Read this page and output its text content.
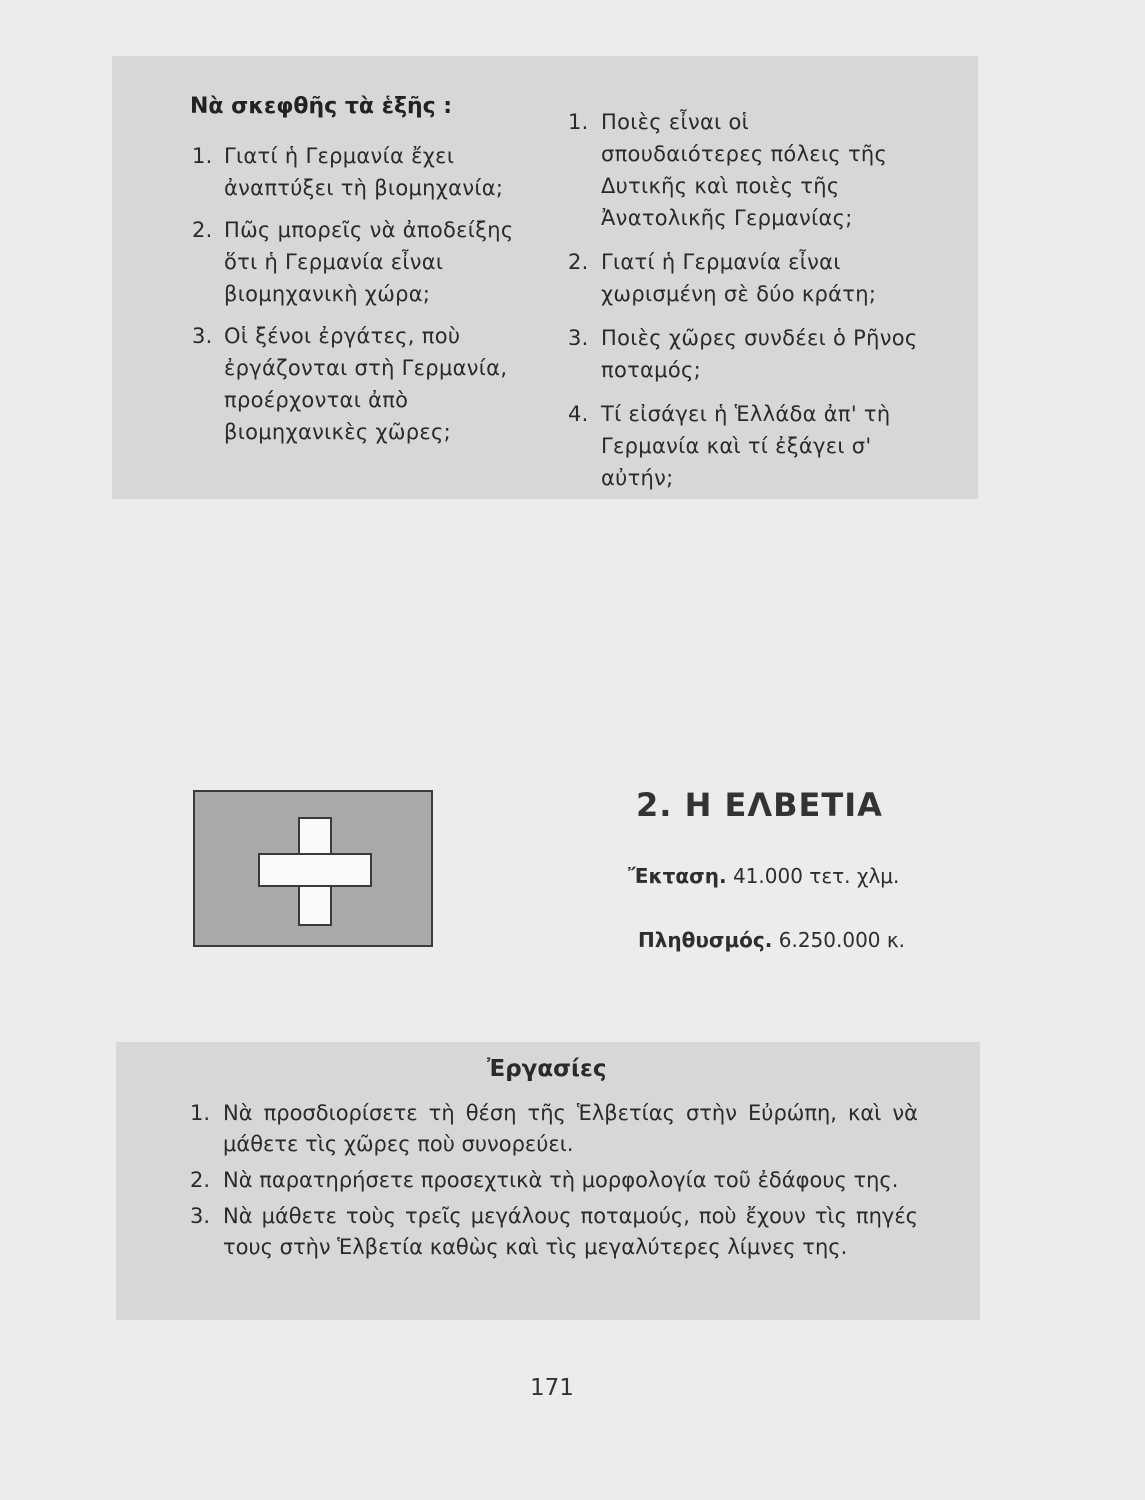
Νὰ σκεφθῆς τὰ ἑξῆς :
1. Γιατί ἡ Γερμανία ἔχει ἀναπτύξει τὴ βιομηχανία;
2. Πῶς μπορεῖς νὰ ἀποδείξης ὅτι ἡ Γερμανία εἶναι βιομηχανικὴ χώρα;
3. Οἱ ξένοι ἐργάτες, ποὺ ἐργάζονται στὴ Γερμανία, προέρχονται ἀπὸ βιομηχανικὲς χῶρες;
1. Ποιὲς εἶναι οἱ σπουδαιότερες πόλεις τῆς Δυτικῆς καὶ ποιὲς τῆς Ἀνατολικῆς Γερμανίας;
2. Γιατί ἡ Γερμανία εἶναι χωρισμένη σὲ δύο κράτη;
3. Ποιὲς χῶρες συνδέει ὁ Ρῆνος ποταμός;
4. Τί εἰσάγει ἡ Ἑλλάδα ἀπ' τὴ Γερμανία καὶ τί ἐξάγει σ' αὐτήν;
2. Η ΕΛΒΕΤΙΑ
Ἔκταση. 41.000 τετ. χλμ.
Πληθυσμός. 6.250.000 κ.
Ἐργασίες
1. Νὰ προσδιορίσετε τὴ θέση τῆς Ἑλβετίας στὴν Εὐρώπη, καὶ νὰ μάθετε τὶς χῶρες ποὺ συνορεύει.
2. Νὰ παρατηρήσετε προσεχτικὰ τὴ μορφολογία τοῦ ἐδάφους της.
3. Νὰ μάθετε τοὺς τρεῖς μεγάλους ποταμούς, ποὺ ἔχουν τὶς πηγές τους στὴν Ἑλβετία καθὼς καὶ τὶς μεγαλύτερες λίμνες της.
171
